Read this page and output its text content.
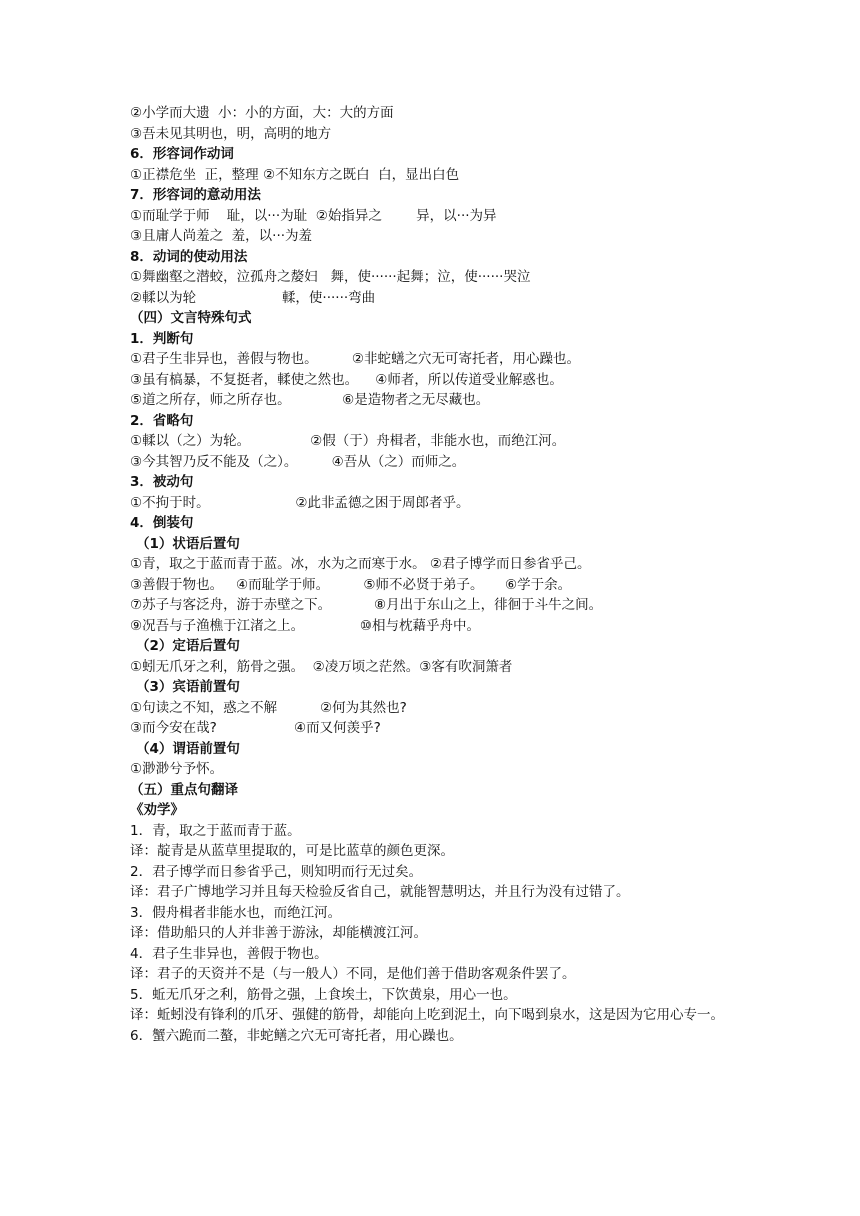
②小学而大遗  小：小的方面，大：大的方面
③吾未见其明也，明，高明的地方
6．形容词作动词
①正襟危坐  正，整理 ②不知东方之既白  白，显出白色
7．形容词的意动用法
①而耻学于师    耻，以···为耻  ②始指异之        异，以···为异
③且庸人尚羞之  羞，以···为羞
8．动词的使动用法
①舞幽壑之潜蛟，泣孤舟之嫠妇   舞，使······起舞；泣，使······哭泣
②輮以为轮                    輮，使······弯曲
（四）文言特殊句式
1．判断句
①君子生非异也，善假与物也。        ②非蛇蟮之穴无可寄托者，用心躁也。
③虽有槁暴，不复挺者，輮使之然也。    ④师者，所以传道受业解惑也。
⑤道之所存，师之所存也。            ⑥是造物者之无尽藏也。
2．省略句
①輮以（之）为轮。              ②假（于）舟楫者，非能水也，而绝江河。
③今其智乃反不能及（之）。        ④吾从（之）而师之。
3．被动句
①不拘于时。                    ②此非孟德之困于周郎者乎。
4．倒装句
（1）状语后置句
①青，取之于蓝而青于蓝。冰，水为之而寒于水。 ②君子博学而日参省乎己。
③善假于物也。   ④而耻学于师。        ⑤师不必贤于弟子。     ⑥学于余。
⑦苏子与客泛舟，游于赤壁之下。          ⑧月出于东山之上，徘徊于斗牛之间。
⑨况吾与子渔樵于江渚之上。             ⑩相与枕藉乎舟中。
（2）定语后置句
①蚓无爪牙之利，筋骨之强。  ②凌万顷之茫然。③客有吹洞箫者
（3）宾语前置句
①句读之不知，惑之不解          ②何为其然也?
③而今安在哉?                  ④而又何羡乎?
（4）谓语前置句
①渺渺兮予怀。
（五）重点句翻译
《劝学》
1．青，取之于蓝而青于蓝。
译：靛青是从蓝草里提取的，可是比蓝草的颜色更深。
2．君子博学而日参省乎己，则知明而行无过矣。
译：君子广博地学习并且每天检验反省自己，就能智慧明达，并且行为没有过错了。
3．假舟楫者非能水也，而绝江河。
译：借助船只的人并非善于游泳，却能横渡江河。
4．君子生非异也，善假于物也。
译：君子的天资并不是（与一般人）不同，是他们善于借助客观条件罢了。
5．蚯无爪牙之利，筋骨之强，上食埃土，下饮黄泉，用心一也。
译：蚯蚓没有锋利的爪牙、强健的筋骨，却能向上吃到泥土，向下喝到泉水，这是因为它用心专一。
6．蟹六跪而二螯，非蛇鳝之穴无可寄托者，用心躁也。
